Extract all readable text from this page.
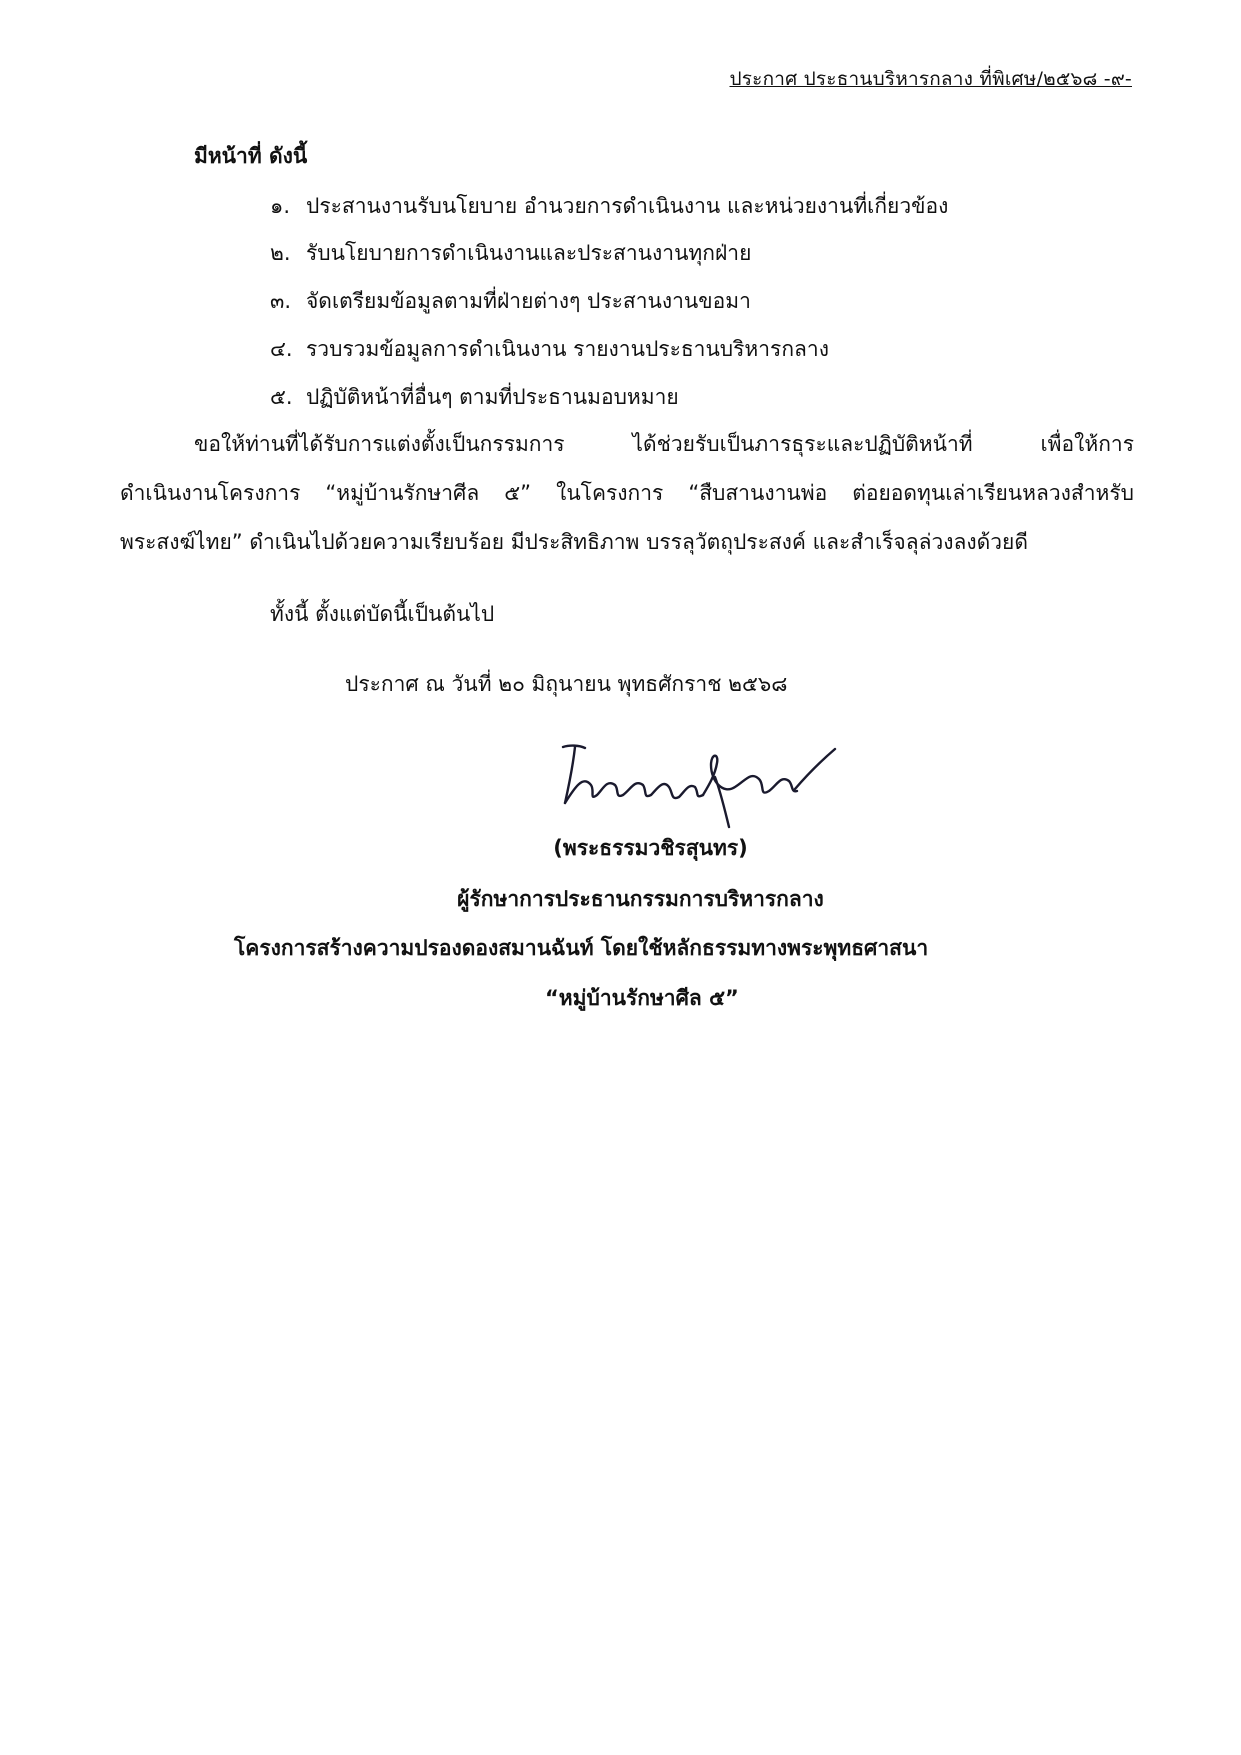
ประกาศ ประธานบริหารกลาง ที่พิเศษ/๒๕๖๘ -๙-
มีหน้าที่ ดังนี้
๑. ประสานงานรับนโยบาย อำนวยการดำเนินงาน และหน่วยงานที่เกี่ยวข้อง
๒. รับนโยบายการดำเนินงานและประสานงานทุกฝ่าย
๓. จัดเตรียมข้อมูลตามที่ฝ่ายต่างๆ ประสานงานขอมา
๔. รวบรวมข้อมูลการดำเนินงาน รายงานประธานบริหารกลาง
๕. ปฏิบัติหน้าที่อื่นๆ ตามที่ประธานมอบหมาย
ขอให้ท่านที่ได้รับการแต่งตั้งเป็นกรรมการ ได้ช่วยรับเป็นภารธุระและปฏิบัติหน้าที่ เพื่อให้การ
ดำเนินงานโครงการ “หมู่บ้านรักษาศีล ๕” ในโครงการ “สืบสานงานพ่อ ต่อยอดทุนเล่าเรียนหลวงสำหรับ
พระสงฆ์ไทย” ดำเนินไปด้วยความเรียบร้อย มีประสิทธิภาพ บรรลุวัตถุประสงค์ และสำเร็จลุล่วงลงด้วยดี
ทั้งนี้ ตั้งแต่บัดนี้เป็นต้นไป
ประกาศ ณ วันที่ ๒๐ มิถุนายน พุทธศักราช ๒๕๖๘
(พระธรรมวชิรสุนทร)
ผู้รักษาการประธานกรรมการบริหารกลาง
โครงการสร้างความปรองดองสมานฉันท์ โดยใช้หลักธรรมทางพระพุทธศาสนา
“หมู่บ้านรักษาศีล ๕”
